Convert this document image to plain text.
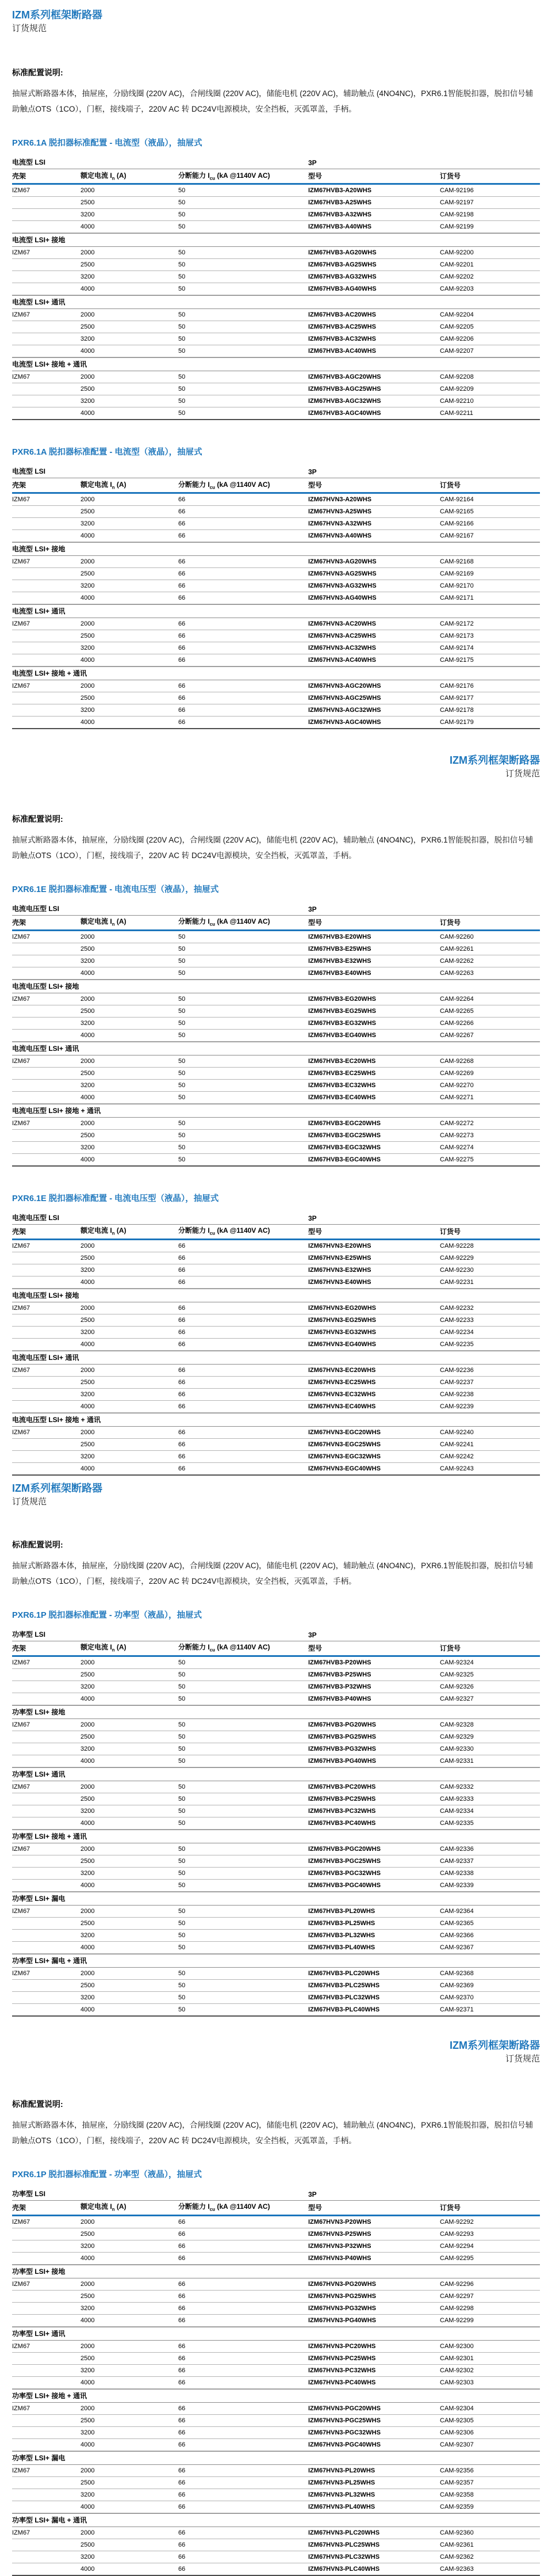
IZM系列框架断路器
订货规范
标准配置说明:

抽屉式断路器本体，抽屉座，分励线圈 (220V AC)，合闸线圈 (220V AC)，储能电机 (220V AC)，辅助触点 (4NO4NC)，PXR6.1智能脱扣器，脱扣信号辅助触点OTS（1CO），门框，接线端子，220V AC 转 DC24V电源模块，安全挡板，灭弧罩盖，手柄。

PXR6.1A 脱扣器标准配置 - 电流型（液晶），抽屉式
电流型 LSI	3P
壳架	额定电流 $I_n$ (A)	分断能力 $I_{cu}$ (kA @1140V AC)	型号	订货号
IZM67	2000	50	IZM67HVB3-A20WHS	CAM-92196
2500	50	IZM67HVB3-A25WHS	CAM-92197
3200	50	IZM67HVB3-A32WHS	CAM-92198
4000	50	IZM67HVB3-A40WHS	CAM-92199
电流型 LSI+ 接地
IZM67	2000	50	IZM67HVB3-AG20WHS	CAM-92200
2500	50	IZM67HVB3-AG25WHS	CAM-92201
3200	50	IZM67HVB3-AG32WHS	CAM-92202
4000	50	IZM67HVB3-AG40WHS	CAM-92203
电流型 LSI+ 通讯
IZM67	2000	50	IZM67HVB3-AC20WHS	CAM-92204
2500	50	IZM67HVB3-AC25WHS	CAM-92205
3200	50	IZM67HVB3-AC32WHS	CAM-92206
4000	50	IZM67HVB3-AC40WHS	CAM-92207
电流型 LSI+ 接地 + 通讯
IZM67	2000	50	IZM67HVB3-AGC20WHS	CAM-92208
2500	50	IZM67HVB3-AGC25WHS	CAM-92209
3200	50	IZM67HVB3-AGC32WHS	CAM-92210
4000	50	IZM67HVB3-AGC40WHS	CAM-92211
PXR6.1A 脱扣器标准配置 - 电流型（液晶），抽屉式
电流型 LSI	3P
壳架	额定电流 $I_n$ (A)	分断能力 $I_{cu}$ (kA @1140V AC)	型号	订货号
IZM67	2000	66	IZM67HVN3-A20WHS	CAM-92164
2500	66	IZM67HVN3-A25WHS	CAM-92165
3200	66	IZM67HVN3-A32WHS	CAM-92166
4000	66	IZM67HVN3-A40WHS	CAM-92167
电流型 LSI+ 接地
IZM67	2000	66	IZM67HVN3-AG20WHS	CAM-92168
2500	66	IZM67HVN3-AG25WHS	CAM-92169
3200	66	IZM67HVN3-AG32WHS	CAM-92170
4000	66	IZM67HVN3-AG40WHS	CAM-92171
电流型 LSI+ 通讯
IZM67	2000	66	IZM67HVN3-AC20WHS	CAM-92172
2500	66	IZM67HVN3-AC25WHS	CAM-92173
3200	66	IZM67HVN3-AC32WHS	CAM-92174
4000	66	IZM67HVN3-AC40WHS	CAM-92175
电流型 LSI+ 接地 + 通讯
IZM67	2000	66	IZM67HVN3-AGC20WHS	CAM-92176
2500	66	IZM67HVN3-AGC25WHS	CAM-92177
3200	66	IZM67HVN3-AGC32WHS	CAM-92178
4000	66	IZM67HVN3-AGC40WHS	CAM-92179
IZM系列框架断路器
订货规范
标准配置说明:

抽屉式断路器本体，抽屉座，分励线圈 (220V AC)，合闸线圈 (220V AC)，储能电机 (220V AC)，辅助触点 (4NO4NC)，PXR6.1智能脱扣器，脱扣信号辅助触点OTS（1CO），门框，接线端子，220V AC 转 DC24V电源模块，安全挡板，灭弧罩盖，手柄。

PXR6.1E 脱扣器标准配置 - 电流电压型（液晶），抽屉式
电流电压型 LSI	3P
壳架	额定电流 $I_n$ (A)	分断能力 $I_{cu}$ (kA @1140V AC)	型号	订货号
IZM67	2000	50	IZM67HVB3-E20WHS	CAM-92260
2500	50	IZM67HVB3-E25WHS	CAM-92261
3200	50	IZM67HVB3-E32WHS	CAM-92262
4000	50	IZM67HVB3-E40WHS	CAM-92263
电流电压型 LSI+ 接地
IZM67	2000	50	IZM67HVB3-EG20WHS	CAM-92264
2500	50	IZM67HVB3-EG25WHS	CAM-92265
3200	50	IZM67HVB3-EG32WHS	CAM-92266
4000	50	IZM67HVB3-EG40WHS	CAM-92267
电流电压型 LSI+ 通讯
IZM67	2000	50	IZM67HVB3-EC20WHS	CAM-92268
2500	50	IZM67HVB3-EC25WHS	CAM-92269
3200	50	IZM67HVB3-EC32WHS	CAM-92270
4000	50	IZM67HVB3-EC40WHS	CAM-92271
电流电压型 LSI+ 接地 + 通讯
IZM67	2000	50	IZM67HVB3-EGC20WHS	CAM-92272
2500	50	IZM67HVB3-EGC25WHS	CAM-92273
3200	50	IZM67HVB3-EGC32WHS	CAM-92274
4000	50	IZM67HVB3-EGC40WHS	CAM-92275
PXR6.1E 脱扣器标准配置 - 电流电压型（液晶），抽屉式
电流电压型 LSI	3P
壳架	额定电流 $I_n$ (A)	分断能力 $I_{cu}$ (kA @1140V AC)	型号	订货号
IZM67	2000	66	IZM67HVN3-E20WHS	CAM-92228
2500	66	IZM67HVN3-E25WHS	CAM-92229
3200	66	IZM67HVN3-E32WHS	CAM-92230
4000	66	IZM67HVN3-E40WHS	CAM-92231
电流电压型 LSI+ 接地
IZM67	2000	66	IZM67HVN3-EG20WHS	CAM-92232
2500	66	IZM67HVN3-EG25WHS	CAM-92233
3200	66	IZM67HVN3-EG32WHS	CAM-92234
4000	66	IZM67HVN3-EG40WHS	CAM-92235
电流电压型 LSI+ 通讯
IZM67	2000	66	IZM67HVN3-EC20WHS	CAM-92236
2500	66	IZM67HVN3-EC25WHS	CAM-92237
3200	66	IZM67HVN3-EC32WHS	CAM-92238
4000	66	IZM67HVN3-EC40WHS	CAM-92239
电流电压型 LSI+ 接地 + 通讯
IZM67	2000	66	IZM67HVN3-EGC20WHS	CAM-92240
2500	66	IZM67HVN3-EGC25WHS	CAM-92241
3200	66	IZM67HVN3-EGC32WHS	CAM-92242
4000	66	IZM67HVN3-EGC40WHS	CAM-92243
IZM系列框架断路器
订货规范
标准配置说明:

抽屉式断路器本体，抽屉座，分励线圈 (220V AC)，合闸线圈 (220V AC)，储能电机 (220V AC)，辅助触点 (4NO4NC)，PXR6.1智能脱扣器，脱扣信号辅助触点OTS（1CO），门框，接线端子，220V AC 转 DC24V电源模块，安全挡板，灭弧罩盖，手柄。

PXR6.1P 脱扣器标准配置 - 功率型（液晶），抽屉式
功率型 LSI	3P
壳架	额定电流 $I_n$ (A)	分断能力 $I_{cu}$ (kA @1140V AC)	型号	订货号
IZM67	2000	50	IZM67HVB3-P20WHS	CAM-92324
2500	50	IZM67HVB3-P25WHS	CAM-92325
3200	50	IZM67HVB3-P32WHS	CAM-92326
4000	50	IZM67HVB3-P40WHS	CAM-92327
功率型 LSI+ 接地
IZM67	2000	50	IZM67HVB3-PG20WHS	CAM-92328
2500	50	IZM67HVB3-PG25WHS	CAM-92329
3200	50	IZM67HVB3-PG32WHS	CAM-92330
4000	50	IZM67HVB3-PG40WHS	CAM-92331
功率型 LSI+ 通讯
IZM67	2000	50	IZM67HVB3-PC20WHS	CAM-92332
2500	50	IZM67HVB3-PC25WHS	CAM-92333
3200	50	IZM67HVB3-PC32WHS	CAM-92334
4000	50	IZM67HVB3-PC40WHS	CAM-92335
功率型 LSI+ 接地 + 通讯
IZM67	2000	50	IZM67HVB3-PGC20WHS	CAM-92336
2500	50	IZM67HVB3-PGC25WHS	CAM-92337
3200	50	IZM67HVB3-PGC32WHS	CAM-92338
4000	50	IZM67HVB3-PGC40WHS	CAM-92339
功率型 LSI+ 漏电
IZM67	2000	50	IZM67HVB3-PL20WHS	CAM-92364
2500	50	IZM67HVB3-PL25WHS	CAM-92365
3200	50	IZM67HVB3-PL32WHS	CAM-92366
4000	50	IZM67HVB3-PL40WHS	CAM-92367
功率型 LSI+ 漏电 + 通讯
IZM67	2000	50	IZM67HVB3-PLC20WHS	CAM-92368
2500	50	IZM67HVB3-PLC25WHS	CAM-92369
3200	50	IZM67HVB3-PLC32WHS	CAM-92370
4000	50	IZM67HVB3-PLC40WHS	CAM-92371
IZM系列框架断路器
订货规范
标准配置说明:

抽屉式断路器本体，抽屉座，分励线圈 (220V AC)，合闸线圈 (220V AC)，储能电机 (220V AC)，辅助触点 (4NO4NC)，PXR6.1智能脱扣器，脱扣信号辅助触点OTS（1CO），门框，接线端子，220V AC 转 DC24V电源模块，安全挡板，灭弧罩盖，手柄。

PXR6.1P 脱扣器标准配置 - 功率型（液晶），抽屉式
功率型 LSI	3P
壳架	额定电流 $I_n$ (A)	分断能力 $I_{cu}$ (kA @1140V AC)	型号	订货号
IZM67	2000	66	IZM67HVN3-P20WHS	CAM-92292
2500	66	IZM67HVN3-P25WHS	CAM-92293
3200	66	IZM67HVN3-P32WHS	CAM-92294
4000	66	IZM67HVN3-P40WHS	CAM-92295
功率型 LSI+ 接地
IZM67	2000	66	IZM67HVN3-PG20WHS	CAM-92296
2500	66	IZM67HVN3-PG25WHS	CAM-92297
3200	66	IZM67HVN3-PG32WHS	CAM-92298
4000	66	IZM67HVN3-PG40WHS	CAM-92299
功率型 LSI+ 通讯
IZM67	2000	66	IZM67HVN3-PC20WHS	CAM-92300
2500	66	IZM67HVN3-PC25WHS	CAM-92301
3200	66	IZM67HVN3-PC32WHS	CAM-92302
4000	66	IZM67HVN3-PC40WHS	CAM-92303
功率型 LSI+ 接地 + 通讯
IZM67	2000	66	IZM67HVN3-PGC20WHS	CAM-92304
2500	66	IZM67HVN3-PGC25WHS	CAM-92305
3200	66	IZM67HVN3-PGC32WHS	CAM-92306
4000	66	IZM67HVN3-PGC40WHS	CAM-92307
功率型 LSI+ 漏电
IZM67	2000	66	IZM67HVN3-PL20WHS	CAM-92356
2500	66	IZM67HVN3-PL25WHS	CAM-92357
3200	66	IZM67HVN3-PL32WHS	CAM-92358
4000	66	IZM67HVN3-PL40WHS	CAM-92359
功率型 LSI+ 漏电 + 通讯
IZM67	2000	66	IZM67HVN3-PLC20WHS	CAM-92360
2500	66	IZM67HVN3-PLC25WHS	CAM-92361
3200	66	IZM67HVN3-PLC32WHS	CAM-92362
4000	66	IZM67HVN3-PLC40WHS	CAM-92363
